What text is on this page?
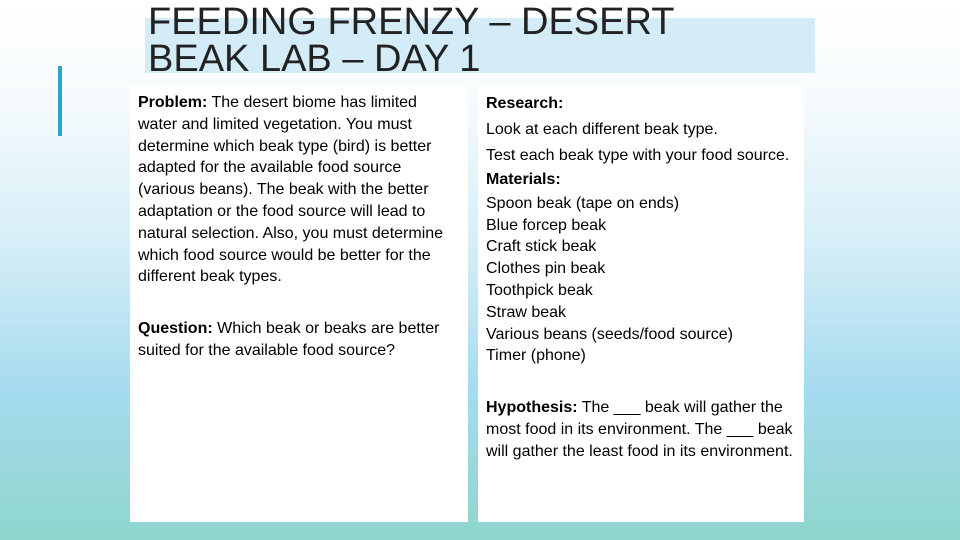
FEEDING FRENZY – DESERT
BEAK LAB – DAY 1

Problem: The desert biome has limited water and limited vegetation. You must determine which beak type (bird) is better adapted for the available food source (various beans). The beak with the better adaptation or the food source will lead to natural selection. Also, you must determine which food source would be better for the different beak types.

Question: Which beak or beaks are better suited for the available food source?

Research:

Look at each different beak type.

Test each beak type with your food source.

Materials:

Spoon beak (tape on ends)

Blue forcep beak

Craft stick beak

Clothes pin beak

Toothpick beak

Straw beak

Various beans (seeds/food source)

Timer (phone)

Hypothesis: The ___ beak will gather the most food in its environment. The ___ beak will gather the least food in its environment.
